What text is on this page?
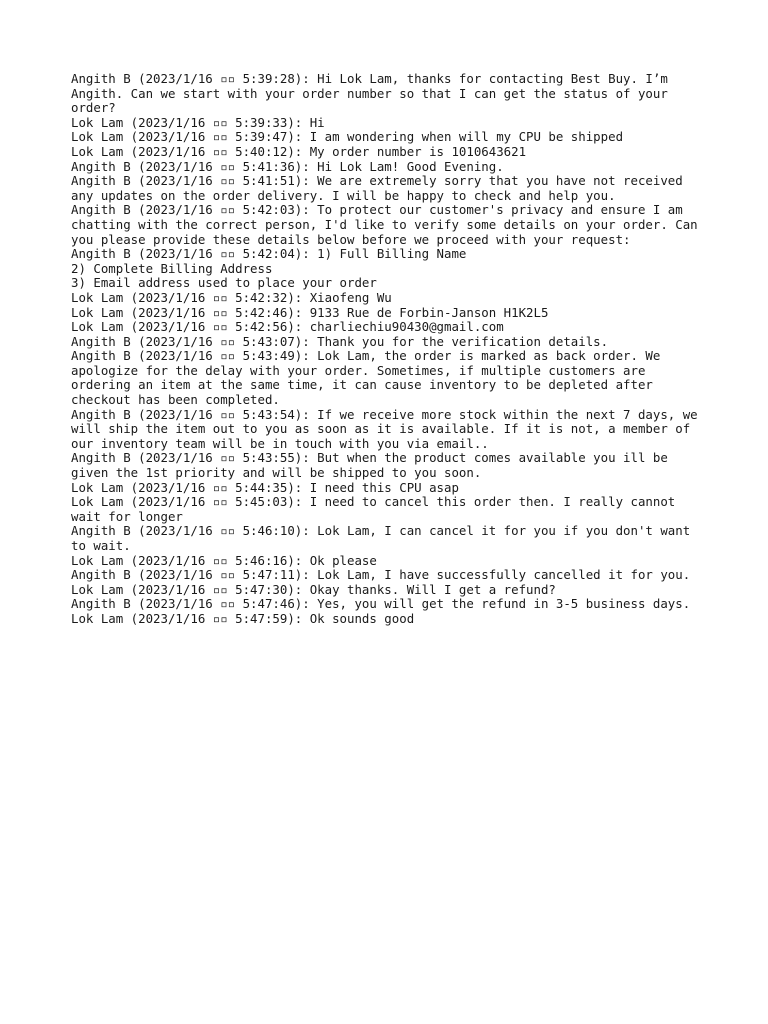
Angith B (2023/1/16 ▫▫ 5:39:28): Hi Lok Lam, thanks for contacting Best Buy. I’m Angith. Can we start with your order number so that I can get the status of your order?
Lok Lam (2023/1/16 ▫▫ 5:39:33): Hi
Lok Lam (2023/1/16 ▫▫ 5:39:47): I am wondering when will my CPU be shipped
Lok Lam (2023/1/16 ▫▫ 5:40:12): My order number is 1010643621
Angith B (2023/1/16 ▫▫ 5:41:36): Hi Lok Lam! Good Evening.
Angith B (2023/1/16 ▫▫ 5:41:51): We are extremely sorry that you have not received any updates on the order delivery. I will be happy to check and help you.
Angith B (2023/1/16 ▫▫ 5:42:03): To protect our customer's privacy and ensure I am chatting with the correct person, I'd like to verify some details on your order. Can you please provide these details below before we proceed with your request:
Angith B (2023/1/16 ▫▫ 5:42:04): 1) Full Billing Name
2) Complete Billing Address
3) Email address used to place your order
Lok Lam (2023/1/16 ▫▫ 5:42:32): Xiaofeng Wu
Lok Lam (2023/1/16 ▫▫ 5:42:46): 9133 Rue de Forbin-Janson H1K2L5
Lok Lam (2023/1/16 ▫▫ 5:42:56): charliechiu90430@gmail.com
Angith B (2023/1/16 ▫▫ 5:43:07): Thank you for the verification details.
Angith B (2023/1/16 ▫▫ 5:43:49): Lok Lam, the order is marked as back order. We apologize for the delay with your order. Sometimes, if multiple customers are ordering an item at the same time, it can cause inventory to be depleted after checkout has been completed.
Angith B (2023/1/16 ▫▫ 5:43:54): If we receive more stock within the next 7 days, we will ship the item out to you as soon as it is available. If it is not, a member of our inventory team will be in touch with you via email..
Angith B (2023/1/16 ▫▫ 5:43:55): But when the product comes available you ill be given the 1st priority and will be shipped to you soon.
Lok Lam (2023/1/16 ▫▫ 5:44:35): I need this CPU asap
Lok Lam (2023/1/16 ▫▫ 5:45:03): I need to cancel this order then. I really cannot wait for longer
Angith B (2023/1/16 ▫▫ 5:46:10): Lok Lam, I can cancel it for you if you don't want to wait.
Lok Lam (2023/1/16 ▫▫ 5:46:16): Ok please
Angith B (2023/1/16 ▫▫ 5:47:11): Lok Lam, I have successfully cancelled it for you.
Lok Lam (2023/1/16 ▫▫ 5:47:30): Okay thanks. Will I get a refund?
Angith B (2023/1/16 ▫▫ 5:47:46): Yes, you will get the refund in 3-5 business days.
Lok Lam (2023/1/16 ▫▫ 5:47:59): Ok sounds good
